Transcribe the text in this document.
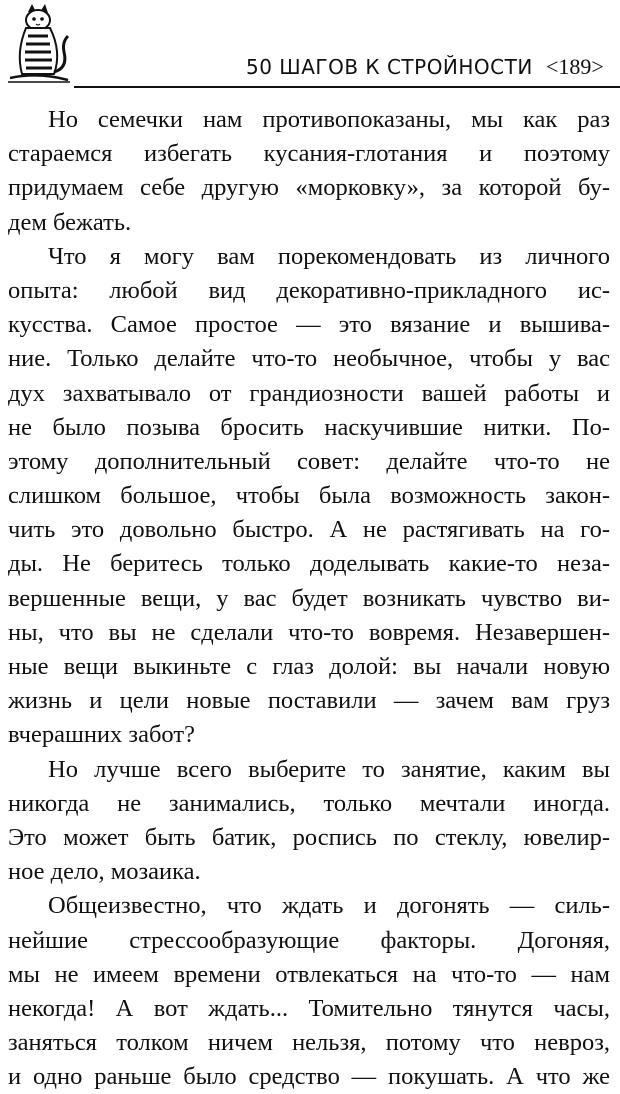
50 ШАГОВ К СТРОЙНОСТИ <189>

Но семечки нам противопоказаны, мы как раз
стараемся избегать кусания-глотания и поэтому
придумаем себе другую «морковку», за которой бу-
дем бежать.

Что я могу вам порекомендовать из личного
опыта: любой вид декоративно-прикладного ис-
кусства. Самое простое — это вязание и вышива-
ние. Только делайте что-то необычное, чтобы у вас
дух захватывало от грандиозности вашей работы и
не было позыва бросить наскучившие нитки. По-
этому дополнительный совет: делайте что-то не
слишком большое, чтобы была возможность закон-
чить это довольно быстро. А не растягивать на го-
ды. Не беритесь только доделывать какие-то неза-
вершенные вещи, у вас будет возникать чувство ви-
ны, что вы не сделали что-то вовремя. Незавершен-
ные вещи выкиньте с глаз долой: вы начали новую
жизнь и цели новые поставили — зачем вам груз
вчерашних забот?

Но лучше всего выберите то занятие, каким вы
никогда не занимались, только мечтали иногда.
Это может быть батик, роспись по стеклу, ювелир-
ное дело, мозаика.

Общеизвестно, что ждать и догонять — силь-
нейшие стрессообразующие факторы. Догоняя,
мы не имеем времени отвлекаться на что-то — нам
некогда! А вот ждать... Томительно тянутся часы,
заняться толком ничем нельзя, потому что невроз,
и одно раньше было средство — покушать. А что же
